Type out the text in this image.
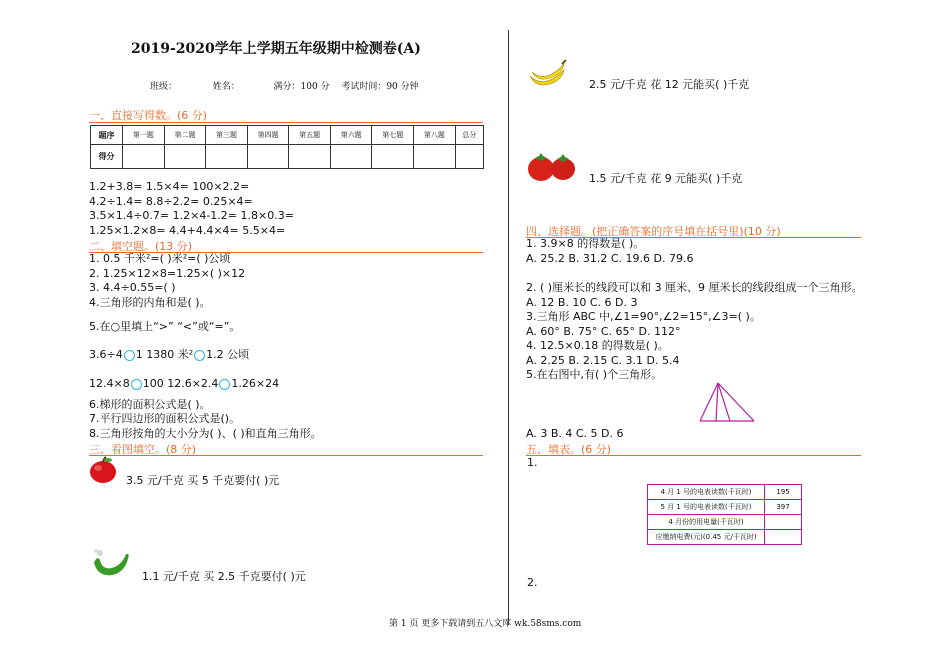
2019-2020学年上学期五年级期中检测卷(A)
班级：	姓名：	满分：100 分 考试时间：90 分钟
一、直接写得数。(6 分)
题序	第一题	第二题	第三题	第四题	第五题	第六题	第七题	第八题	总分
得分									
1.2+3.8= 1.5×4= 100×2.2=
4.2÷1.4= 8.8÷2.2= 0.25×4=
3.5×1.4÷0.7= 1.2×4-1.2= 1.8×0.3=
1.25×1.2×8= 4.4+4.4×4= 5.5×4=
二、填空题。(13 分)
1. 0.5 千米²=( )米²=( )公顷
2. 1.25×12×8=1.25×( )×12
3. 4.4÷0.55=( )
4.三角形的内角和是( )。
5.在○里填上“>” “<”或“=”。
3.6÷4 1 1380 米² 1.2 公顷
12.4×8 100 12.6×2.4 1.26×24
6.梯形的面积公式是( )。
7.平行四边形的面积公式是()。
8.三角形按角的大小分为( )、( )和直角三角形。
三、看图填空。(8 分)
3.5 元/千克 买 5 千克要付( )元
1.1 元/千克 买 2.5 千克要付( )元
2.5 元/千克 花 12 元能买( )千克
1.5 元/千克 花 9 元能买( )千克
四、选择题。(把正确答案的序号填在括号里)(10 分)
1. 3.9×8 的得数是( )。
A. 25.2 B. 31.2 C. 19.6 D. 79.6
2. ( )厘米长的线段可以和 3 厘米、9 厘米长的线段组成一个三角形。
A. 12 B. 10 C. 6 D. 3
3.三角形 ABC 中,∠1=90°,∠2=15°,∠3=( )。
A. 60° B. 75° C. 65° D. 112°
4. 12.5×0.18 的得数是( )。
A. 2.25 B. 2.15 C. 3.1 D. 5.4
5.在右图中,有( )个三角形。
A. 3 B. 4 C. 5 D. 6
五、填表。(6 分)
1.
4 月 1 号的电表读数(千瓦时)	195
5 月 1 号的电表读数(千瓦时)	397
4 月份的用电量(千瓦时)	
应缴纳电费(元)(0.45 元/千瓦时)	
2.
第 1 页 更多下载请到五八文库 wk.58sms.com
